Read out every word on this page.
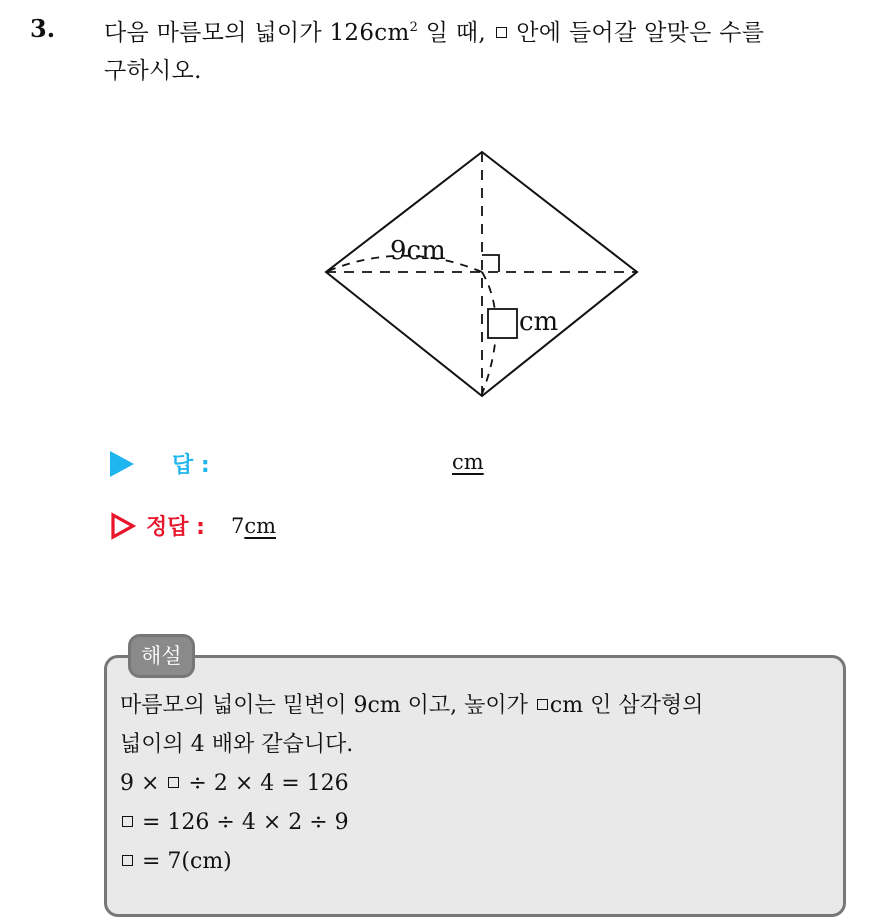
3. 다음 마름모의 넓이가 $126cm^2$ 일 때,  안에 들어갈 알맞은 수를
구하시오.
9cm
cm
답 :	cm
정답 : 7cm
해설
마름모의 넓이는 밑변이 9cm 이고, 높이가 cm 인 삼각형의
넓이의 4 배와 같습니다.
9 ×  ÷ 2 × 4 = 126
= 126 ÷ 4 × 2 ÷ 9
= 7(cm)
